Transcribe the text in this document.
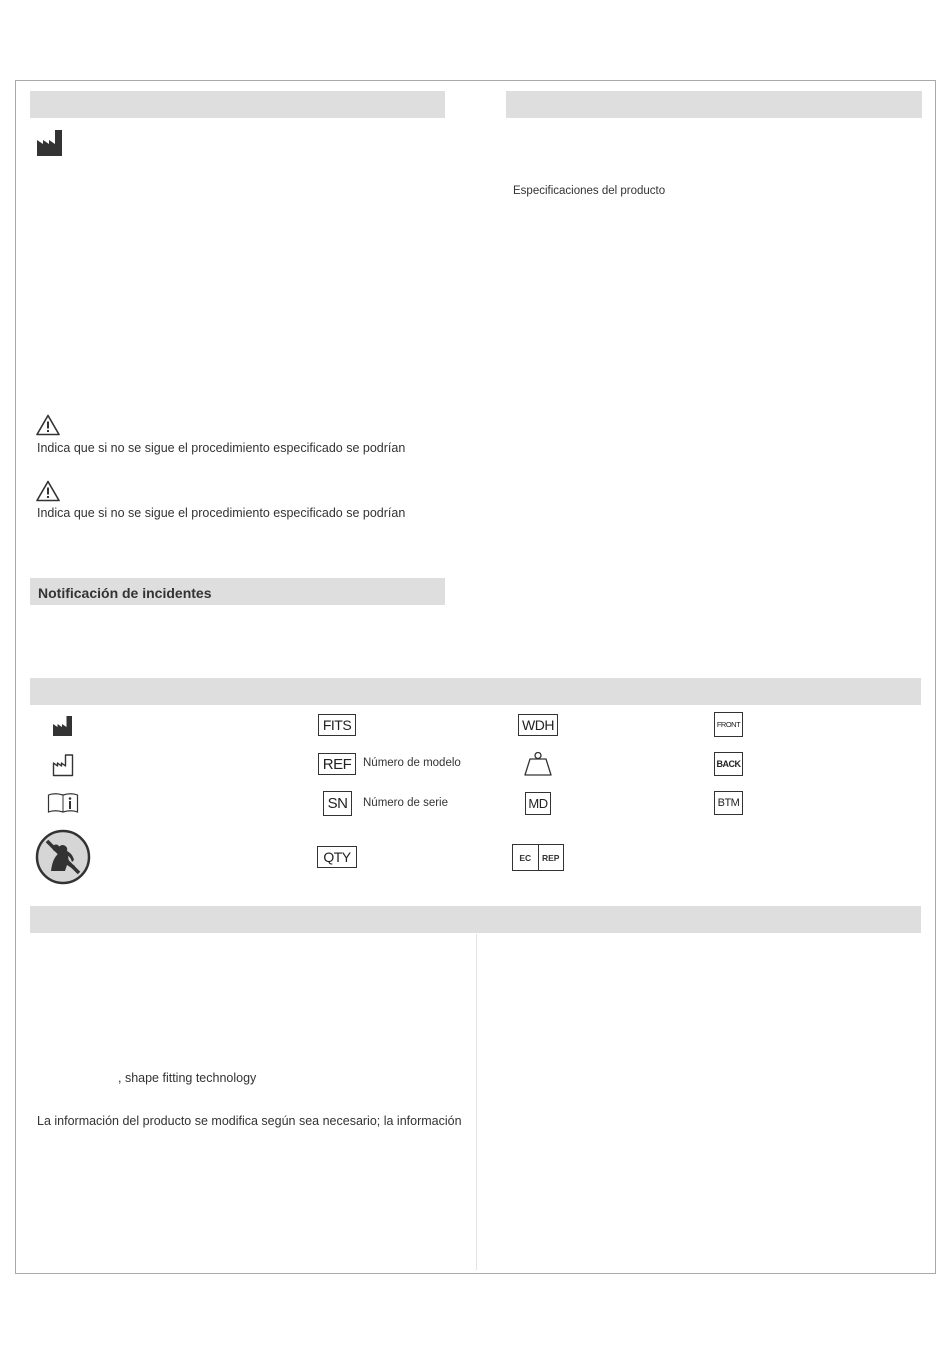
Especificaciones del producto
Indica que si no se sigue el procedimiento especificado se podrían
Indica que si no se sigue el procedimiento especificado se podrían
Notificación de incidentes
FITS	WDH	FRONT
REF	Número de modelo	BACK
SN	Número de serie	MD	BTM
QTY	EC	REP
, shape fitting technology
La información del producto se modifica según sea necesario; la información
